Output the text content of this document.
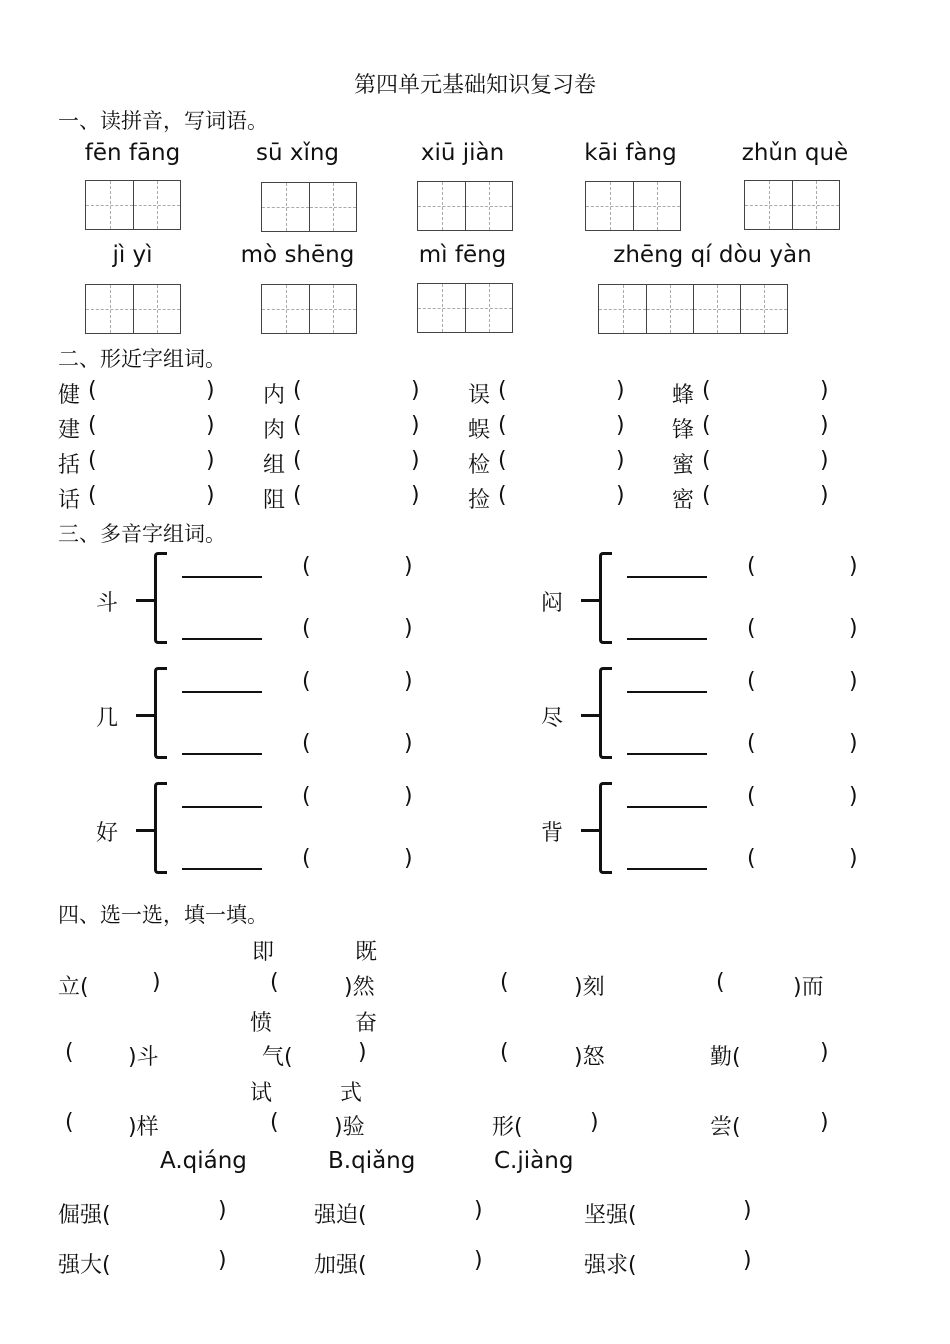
第四单元基础知识复习卷
一、读拼音，写词语。
fēn fāng	sū xǐng	xiū jiàn	kāi fàng	zhǔn què
jì yì	mò shēng	mì fēng	zhēng qí dòu yàn
二、形近字组词。
健 (	) 内 (	) 误 (	) 蜂 (	)
建 (	) 肉 (	) 蜈 (	) 锋 (	)
括 (	) 组 (	) 检 (	) 蜜 (	)
话 (	) 阻 (	) 捡 (	) 密 (	)
三、多音字组词。
斗
(	)
(	)
闷
(	)
(	)
几
(	)
(	)
尽
(	)
(	)
好
(	)
(	)
背
(	)
(	)
四、选一选，填一填。
即	既
立(	)	(	)然	(	)刻	(	)而
愤	奋
( )斗	气(	)	(	)怒	勤(	)
试	式
( )样	(	)验	形(	)	尝(	)
A.qiáng	B.qiǎng	C.jiàng
倔强(	)	强迫(	)	坚强(	)
强大(	)	加强(	)	强求(	)
